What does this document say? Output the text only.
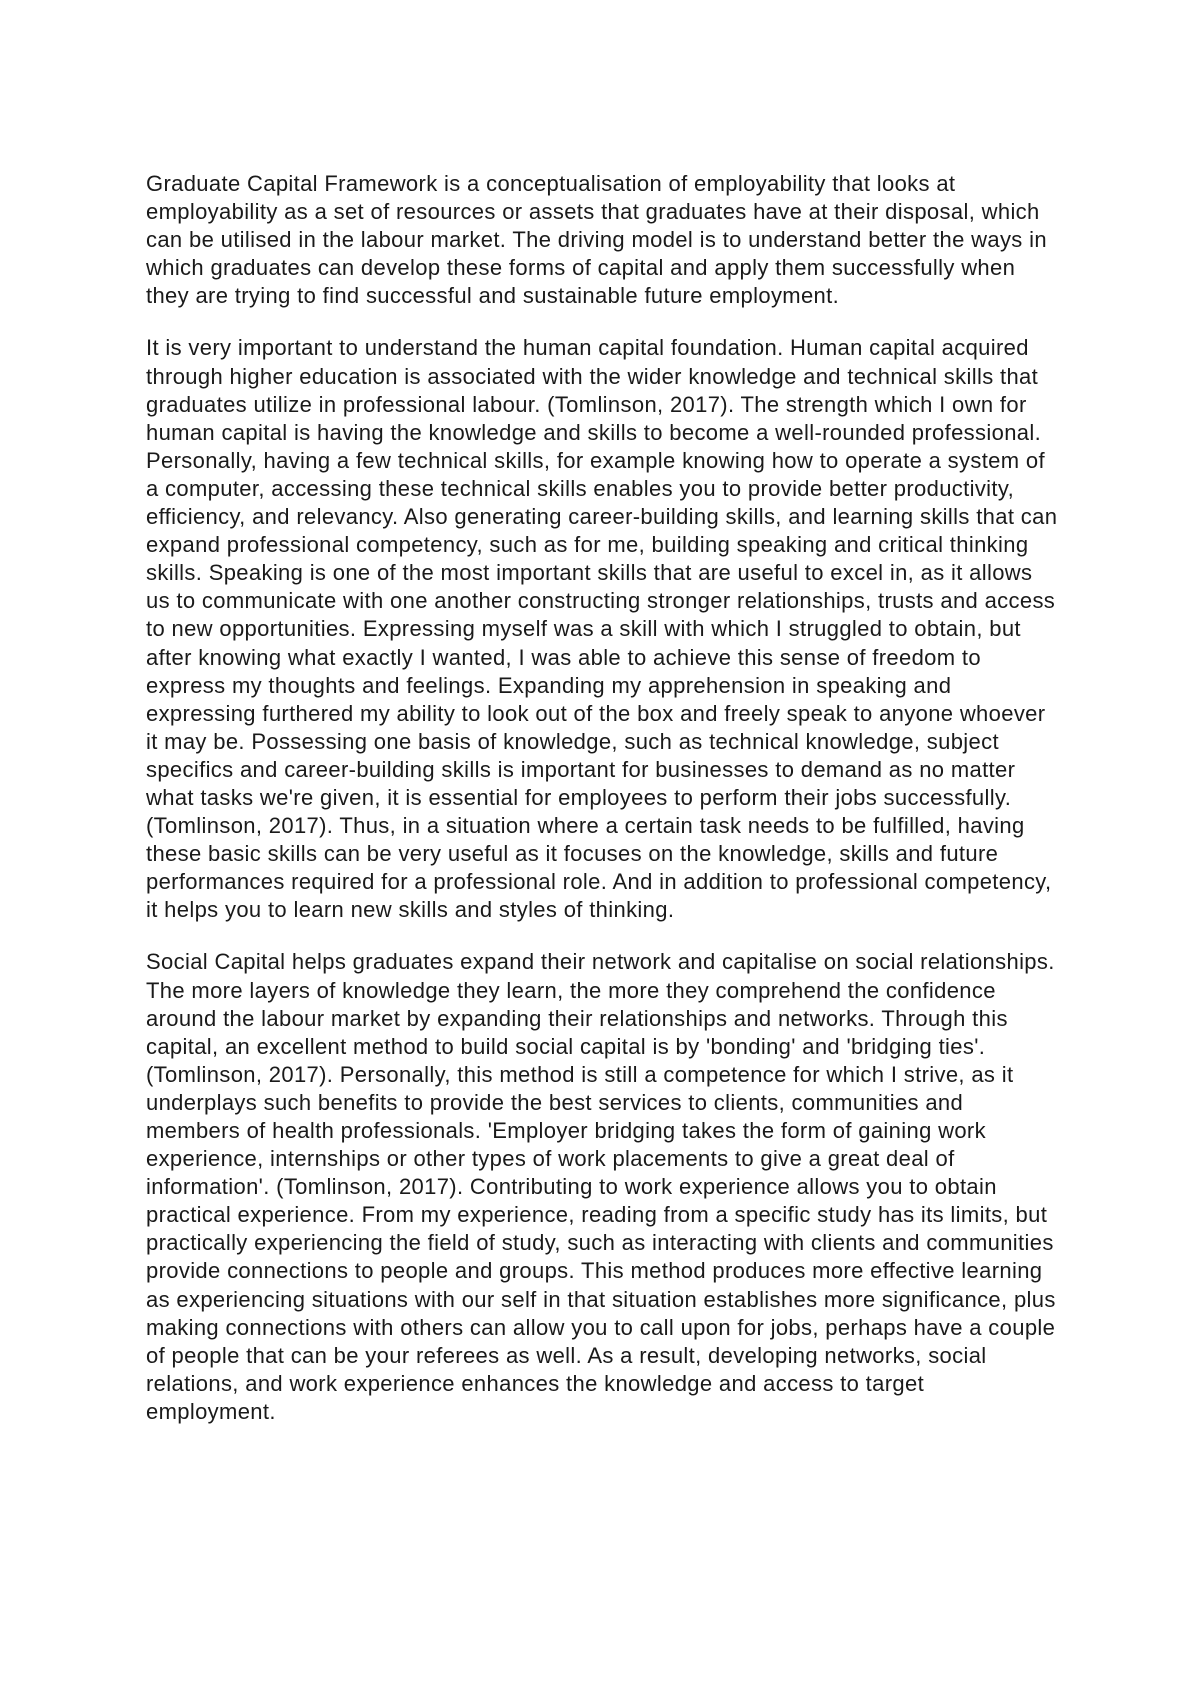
Graduate Capital Framework is a conceptualisation of employability that looks at employability as a set of resources or assets that graduates have at their disposal, which can be utilised in the labour market. The driving model is to understand better the ways in which graduates can develop these forms of capital and apply them successfully when they are trying to find successful and sustainable future employment.

It is very important to understand the human capital foundation. Human capital acquired through higher education is associated with the wider knowledge and technical skills that graduates utilize in professional labour. (Tomlinson, 2017). The strength which I own for human capital is having the knowledge and skills to become a well-rounded professional. Personally, having a few technical skills, for example knowing how to operate a system of a computer, accessing these technical skills enables you to provide better productivity, efficiency, and relevancy. Also generating career-building skills, and learning skills that can expand professional competency, such as for me, building speaking and critical thinking skills. Speaking is one of the most important skills that are useful to excel in, as it allows us to communicate with one another constructing stronger relationships, trusts and access to new opportunities. Expressing myself was a skill with which I struggled to obtain, but after knowing what exactly I wanted, I was able to achieve this sense of freedom to express my thoughts and feelings. Expanding my apprehension in speaking and expressing furthered my ability to look out of the box and freely speak to anyone whoever it may be. Possessing one basis of knowledge, such as technical knowledge, subject specifics and career-building skills is important for businesses to demand as no matter what tasks we're given, it is essential for employees to perform their jobs successfully. (Tomlinson, 2017). Thus, in a situation where a certain task needs to be fulfilled, having these basic skills can be very useful as it focuses on the knowledge, skills and future performances required for a professional role. And in addition to professional competency, it helps you to learn new skills and styles of thinking.

Social Capital helps graduates expand their network and capitalise on social relationships. The more layers of knowledge they learn, the more they comprehend the confidence around the labour market by expanding their relationships and networks. Through this capital, an excellent method to build social capital is by 'bonding' and 'bridging ties'. (Tomlinson, 2017). Personally, this method is still a competence for which I strive, as it underplays such benefits to provide the best services to clients, communities and members of health professionals. 'Employer bridging takes the form of gaining work experience, internships or other types of work placements to give a great deal of information'. (Tomlinson, 2017). Contributing to work experience allows you to obtain practical experience. From my experience, reading from a specific study has its limits, but practically experiencing the field of study, such as interacting with clients and communities provide connections to people and groups. This method produces more effective learning as experiencing situations with our self in that situation establishes more significance, plus making connections with others can allow you to call upon for jobs, perhaps have a couple of people that can be your referees as well. As a result, developing networks, social relations, and work experience enhances the knowledge and access to target employment.
